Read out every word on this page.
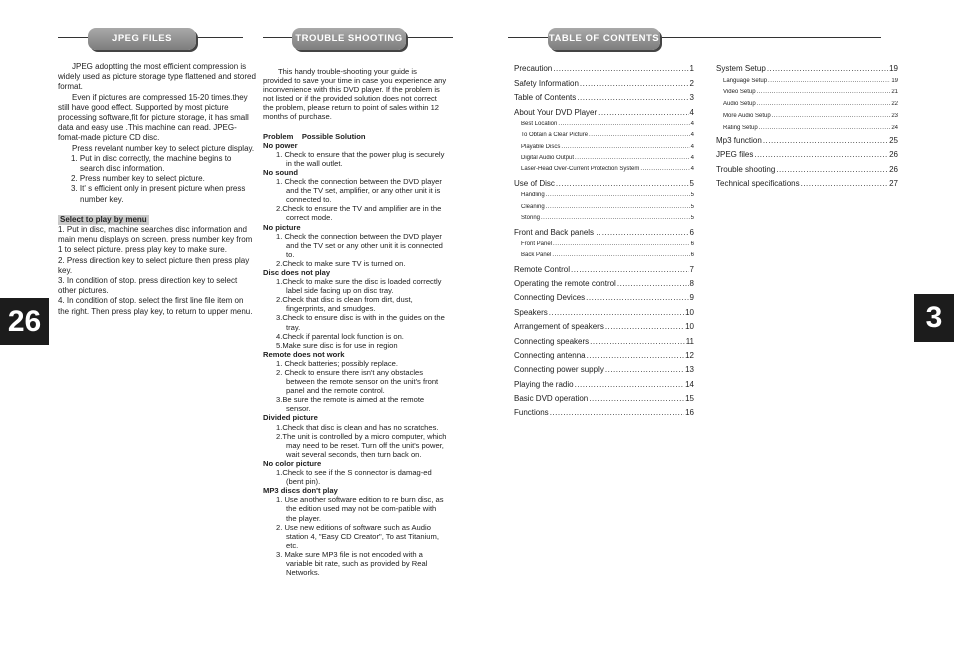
JPEG FILES	TROUBLE SHOOTING	TABLE OF CONTENTS
26	3

JPEG adoptting the most efficient compression is widely used as picture storage type flattened and stored format.

Even if pictures are compressed 15-20 times.they still have good effect. Supported by most picture processing software,fit for picture storage, it has small data and easy use .This machine can read. JPEG-fomat-made picture CD disc.

Press revelant number key to select picture display.

1. Put in disc correctly, the machine begins to search disc information.

2. Press number key to select picture.

3. It' s efficient only in present picture when press number key.

Select to play by menu

1. Put in disc, machine searches disc information and main menu displays on screen. press number key from 1 to select picture. press play key to make sure.

2. Press direction key to select picture then press play key.

3. In condition of stop. press direction key to select other pictures.

4. In condition of stop. select the first line file item on the right. Then press play key, to return to upper menu.

This handy trouble-shooting your guide is provided to save your time in case you experience any inconvenience with this DVD player. If the problem is not listed or if the provided solution does not correct the problem, please return to point of sales within 12 months of purchase.

Problem    Possible Solution

No power

1. Check to ensure that the power plug is securely in the wall outlet.

No sound

1. Check the connection between the DVD player and the TV set, amplifier, or any other unit it is connected to.

2.Check to ensure the TV and amplifier are in the correct mode.

No picture

1. Check the connection between the DVD player and the TV set or any other unit it is connected to.

2.Check to make sure TV is turned on.

Disc does not play

1.Check to make sure the disc is loaded correctly label side facing up on disc tray.

2.Check that disc is clean from dirt, dust, fingerprints, and smudges.

3.Check to ensure disc is with in the guides on the tray.

4.Check if parental lock function is on.

5.Make sure disc is for use in region

Remote does not work

1. Check batteries; possibly replace.

2. Check to ensure there isn't any obstacles between the remote sensor on the unit's front panel and the remote control.

3.Be sure the remote is aimed at the remote sensor.

Divided picture

1.Check that disc is clean and has no scratches.

2.The unit is controlled by a micro computer, which may need to be reset. Turn off the unit's power, wait several seconds, then turn back on.

No color picture

1.Check to see if the S connector is damag-ed (bent pin).

MP3 discs don't play

1. Use another software edition to re burn disc, as the edition used may not be com-patible with the player.

2. Use new editions of software such as Audio station 4, "Easy CD Creator", To ast Titanium, etc.

3. Make sure MP3 file is not encoded with a variable bit rate, such as provided by Real Networks.

Precaution .....	1
Safety Information .....	2
Table of Contents .....	3
About Your DVD Player .....	4
Best Location .....	4
To Obtain a Clear Picture .....	4
Playable Discs .....	4
Digital Audio Output .....	4
Laser-Head Over-Current Protection System .....	4
Use of Disc .....	5
Handling .....	5
Cleaning .....	5
Storing .....	5
Front and Back panels .. .....	6
Front Panel .....	6
Back Panel .....	6
Remote Control .....	7
Operating the remote control .....	8
Connecting Devices .....	9
Speakers .....	10
Arrangement of speakers .....	10
Connecting speakers .....	11
Connecting antenna .....	12
Connecting power supply .....	13
Playing the radio .....	14
Basic DVD operation .....	15
Functions .....	16
System Setup .....	19
Language Setup .....	19
Video Setup .....	21
Audio Setup .....	22
More Audio Setup .....	23
Rating Setup .....	24
Mp3 function .....	25
JPEG files .....	26
Trouble shooting .....	26
Technical specifications .....	27
